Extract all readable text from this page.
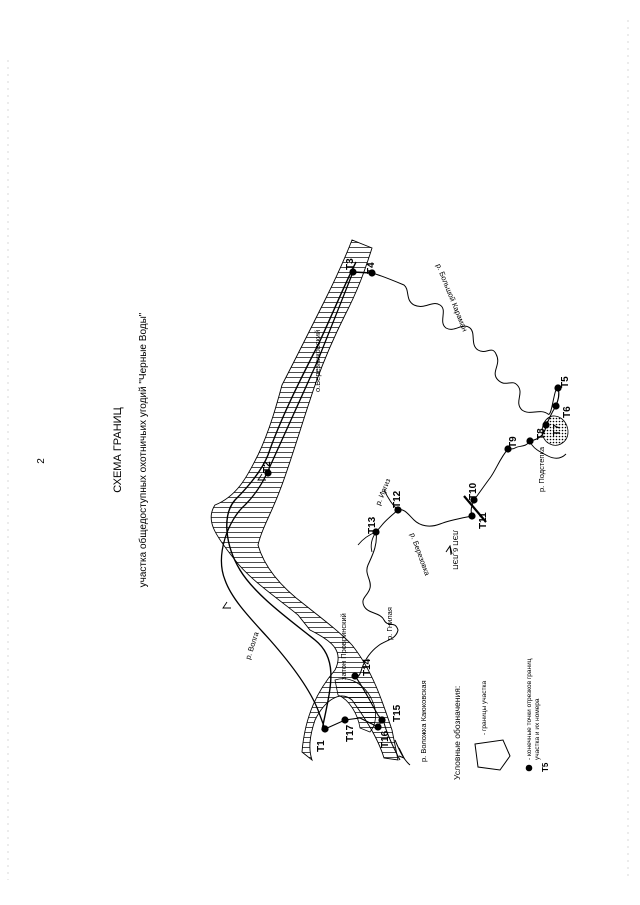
2	СХЕМА ГРАНИЦ участка общедоступных охотничьих угодий "Черные Воды"
T1
T2
T3 T4
T5
T6
T7
T8
T9
T10
T11
T12
T13
T14
T15
T16
T17
р. Волга
р. Воложка Каюковская
затон Провринский	р. Гнилая
р. Березовка
р. Иргиз
о.Березниковский
р. Большой Караман
р. Подстепка
ЛЭП 6.ЛЭП
Условные обозначения:	- границы участка	- конечные точки отрезков границ участка и их номера
T5
